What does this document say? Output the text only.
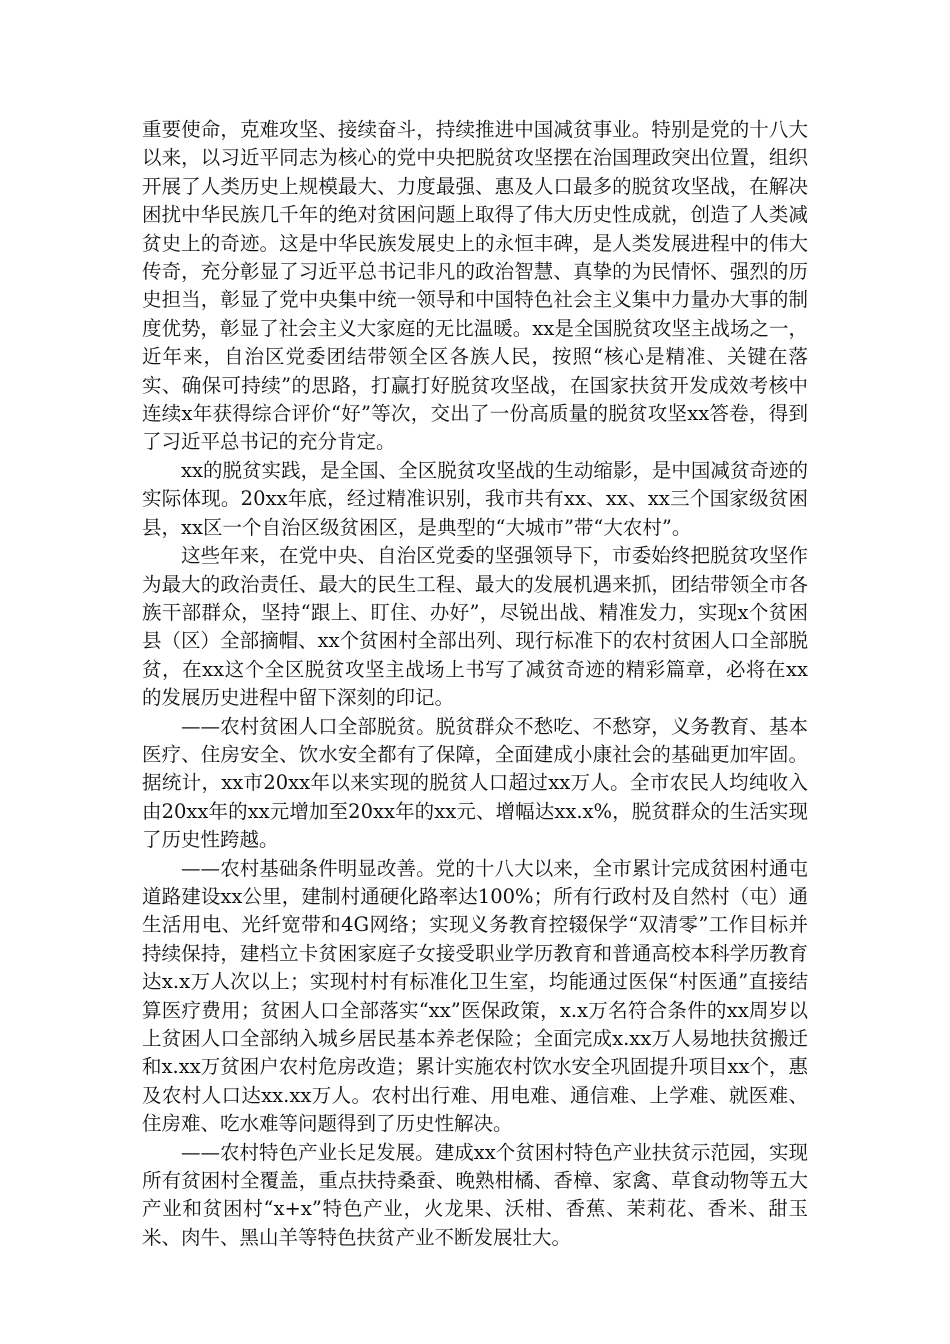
重要使命，克难攻坚、接续奋斗，持续推进中国减贫事业。特别是党的十八大以来，以习近平同志为核心的党中央把脱贫攻坚摆在治国理政突出位置，组织开展了人类历史上规模最大、力度最强、惠及人口最多的脱贫攻坚战，在解决困扰中华民族几千年的绝对贫困问题上取得了伟大历史性成就，创造了人类减贫史上的奇迹。这是中华民族发展史上的永恒丰碑，是人类发展进程中的伟大传奇，充分彰显了习近平总书记非凡的政治智慧、真挚的为民情怀、强烈的历史担当，彰显了党中央集中统一领导和中国特色社会主义集中力量办大事的制度优势，彰显了社会主义大家庭的无比温暖。xx是全国脱贫攻坚主战场之一，近年来，自治区党委团结带领全区各族人民，按照“核心是精准、关键在落实、确保可持续”的思路，打赢打好脱贫攻坚战，在国家扶贫开发成效考核中连续x年获得综合评价“好”等次，交出了一份高质量的脱贫攻坚xx答卷，得到了习近平总书记的充分肯定。

xx的脱贫实践，是全国、全区脱贫攻坚战的生动缩影，是中国减贫奇迹的实际体现。20xx年底，经过精准识别，我市共有xx、xx、xx三个国家级贫困县，xx区一个自治区级贫困区，是典型的“大城市”带“大农村”。

这些年来，在党中央、自治区党委的坚强领导下，市委始终把脱贫攻坚作为最大的政治责任、最大的民生工程、最大的发展机遇来抓，团结带领全市各族干部群众，坚持“跟上、盯住、办好”，尽锐出战、精准发力，实现x个贫困县（区）全部摘帽、xx个贫困村全部出列、现行标准下的农村贫困人口全部脱贫，在xx这个全区脱贫攻坚主战场上书写了减贫奇迹的精彩篇章，必将在xx的发展历史进程中留下深刻的印记。

——农村贫困人口全部脱贫。脱贫群众不愁吃、不愁穿，义务教育、基本医疗、住房安全、饮水安全都有了保障，全面建成小康社会的基础更加牢固。据统计，xx市20xx年以来实现的脱贫人口超过xx万人。全市农民人均纯收入由20xx年的xx元增加至20xx年的xx元、增幅达xx.x%，脱贫群众的生活实现了历史性跨越。

——农村基础条件明显改善。党的十八大以来，全市累计完成贫困村通屯道路建设xx公里，建制村通硬化路率达100%；所有行政村及自然村（屯）通生活用电、光纤宽带和4G网络；实现义务教育控辍保学“双清零”工作目标并持续保持，建档立卡贫困家庭子女接受职业学历教育和普通高校本科学历教育达x.x万人次以上；实现村村有标准化卫生室，均能通过医保“村医通”直接结算医疗费用；贫困人口全部落实“xx”医保政策，x.x万名符合条件的xx周岁以上贫困人口全部纳入城乡居民基本养老保险；全面完成x.xx万人易地扶贫搬迁和x.xx万贫困户农村危房改造；累计实施农村饮水安全巩固提升项目xx个，惠及农村人口达xx.xx万人。农村出行难、用电难、通信难、上学难、就医难、住房难、吃水难等问题得到了历史性解决。

——农村特色产业长足发展。建成xx个贫困村特色产业扶贫示范园，实现所有贫困村全覆盖，重点扶持桑蚕、晚熟柑橘、香樟、家禽、草食动物等五大产业和贫困村“x+x”特色产业，火龙果、沃柑、香蕉、茉莉花、香米、甜玉米、肉牛、黑山羊等特色扶贫产业不断发展壮大。
